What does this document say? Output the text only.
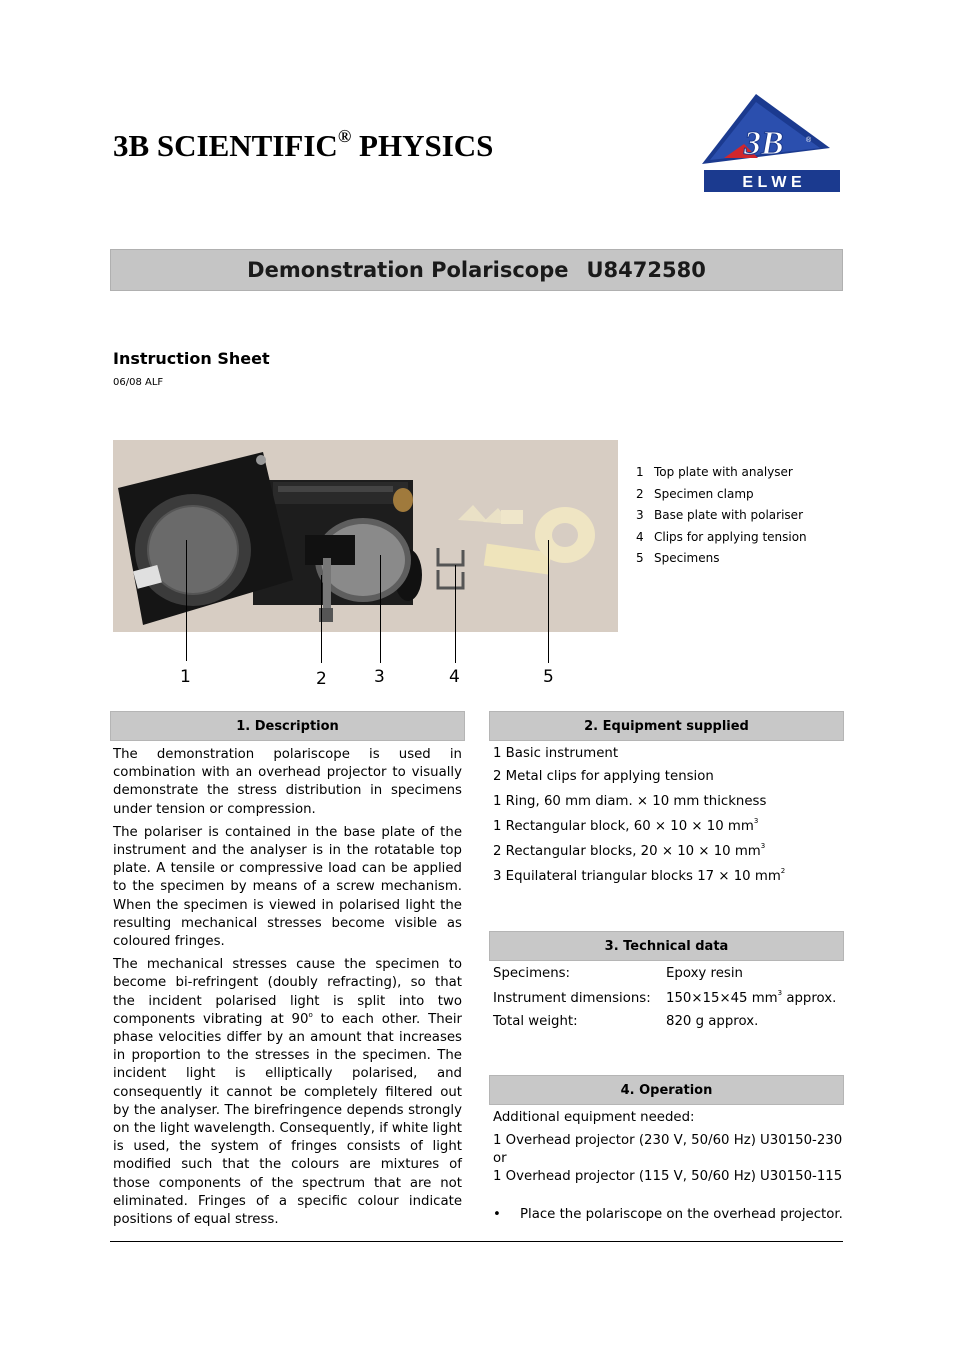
3B SCIENTIFIC® PHYSICS	3B	®
E L W E
Demonstration Polariscope U8472580
Instruction Sheet
06/08 ALF
1 Top plate with analyser
2 Specimen clamp
3 Base plate with polariser
4 Clips for applying tension
5 Specimens
1	2	3	4	5
1. Description

The demonstration polariscope is used in combination with an overhead projector to visually demonstrate the stress distribution in specimens under tension or compression.

The polariser is contained in the base plate of the instrument and the analyser is in the rotatable top plate. A tensile or compressive load can be applied to the specimen by means of a screw mechanism. When the specimen is viewed in polarised light the resulting mechanical stresses become visible as coloured fringes.

The mechanical stresses cause the specimen to become bi-refringent (doubly refracting), so that the incident polarised light is split into two components vibrating at 90$^o$ to each other. Their phase velocities differ by an amount that increases in proportion to the stresses in the specimen. The incident light is elliptically polarised, and consequently it cannot be completely filtered out by the analyser. The birefringence depends strongly on the light wavelength. Consequently, if white light is used, the system of fringes consists of light modified such that the colours are mixtures of those components of the spectrum that are not eliminated. Fringes of a specific colour indicate positions of equal stress.

2. Equipment supplied
1 Basic instrument
2 Metal clips for applying tension
1 Ring, 60 mm diam. × 10 mm thickness
1 Rectangular block, 60 × 10 × 10 $mm^3$
2 Rectangular blocks, 20 × 10 × 10 $mm^3$
3 Equilateral triangular blocks 17 × 10 $mm^2$
3. Technical data
Specimens:	Epoxy resin
Instrument dimensions: 150×15×45 $mm^3$ approx.
Total weight:	820 g approx.
4. Operation
Additional equipment needed:
1 Overhead projector (230 V, 50/60 Hz) U30150-230
or
1 Overhead projector (115 V, 50/60 Hz) U30150-115
• Place the polariscope on the overhead projector.
